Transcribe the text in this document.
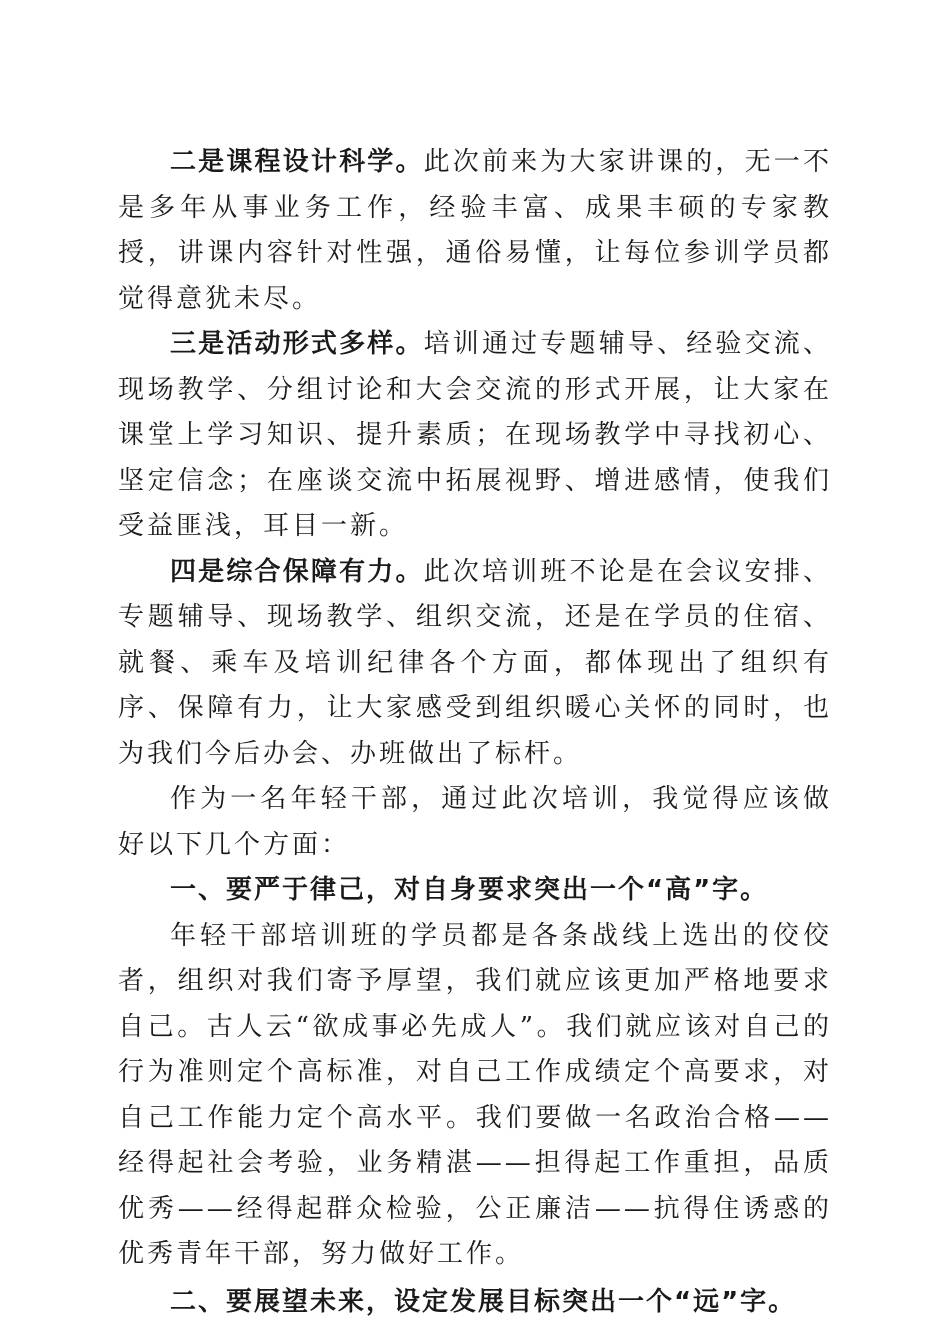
二是课程设计科学。此次前来为大家讲课的，无一不是多年从事业务工作，经验丰富、成果丰硕的专家教授，讲课内容针对性强，通俗易懂，让每位参训学员都觉得意犹未尽。

三是活动形式多样。培训通过专题辅导、经验交流、现场教学、分组讨论和大会交流的形式开展，让大家在课堂上学习知识、提升素质；在现场教学中寻找初心、坚定信念；在座谈交流中拓展视野、增进感情，使我们受益匪浅，耳目一新。

四是综合保障有力。此次培训班不论是在会议安排、专题辅导、现场教学、组织交流，还是在学员的住宿、就餐、乘车及培训纪律各个方面，都体现出了组织有序、保障有力，让大家感受到组织暖心关怀的同时，也为我们今后办会、办班做出了标杆。

作为一名年轻干部，通过此次培训，我觉得应该做好以下几个方面：

一、要严于律己，对自身要求突出一个“高”字。

年轻干部培训班的学员都是各条战线上选出的佼佼者，组织对我们寄予厚望，我们就应该更加严格地要求自己。古人云“欲成事必先成人”。我们就应该对自己的行为准则定个高标准，对自己工作成绩定个高要求，对自己工作能力定个高水平。我们要做一名政治合格——经得起社会考验，业务精湛——担得起工作重担，品质优秀——经得起群众检验，公正廉洁——抗得住诱惑的优秀青年干部，努力做好工作。

二、要展望未来，设定发展目标突出一个“远”字。
